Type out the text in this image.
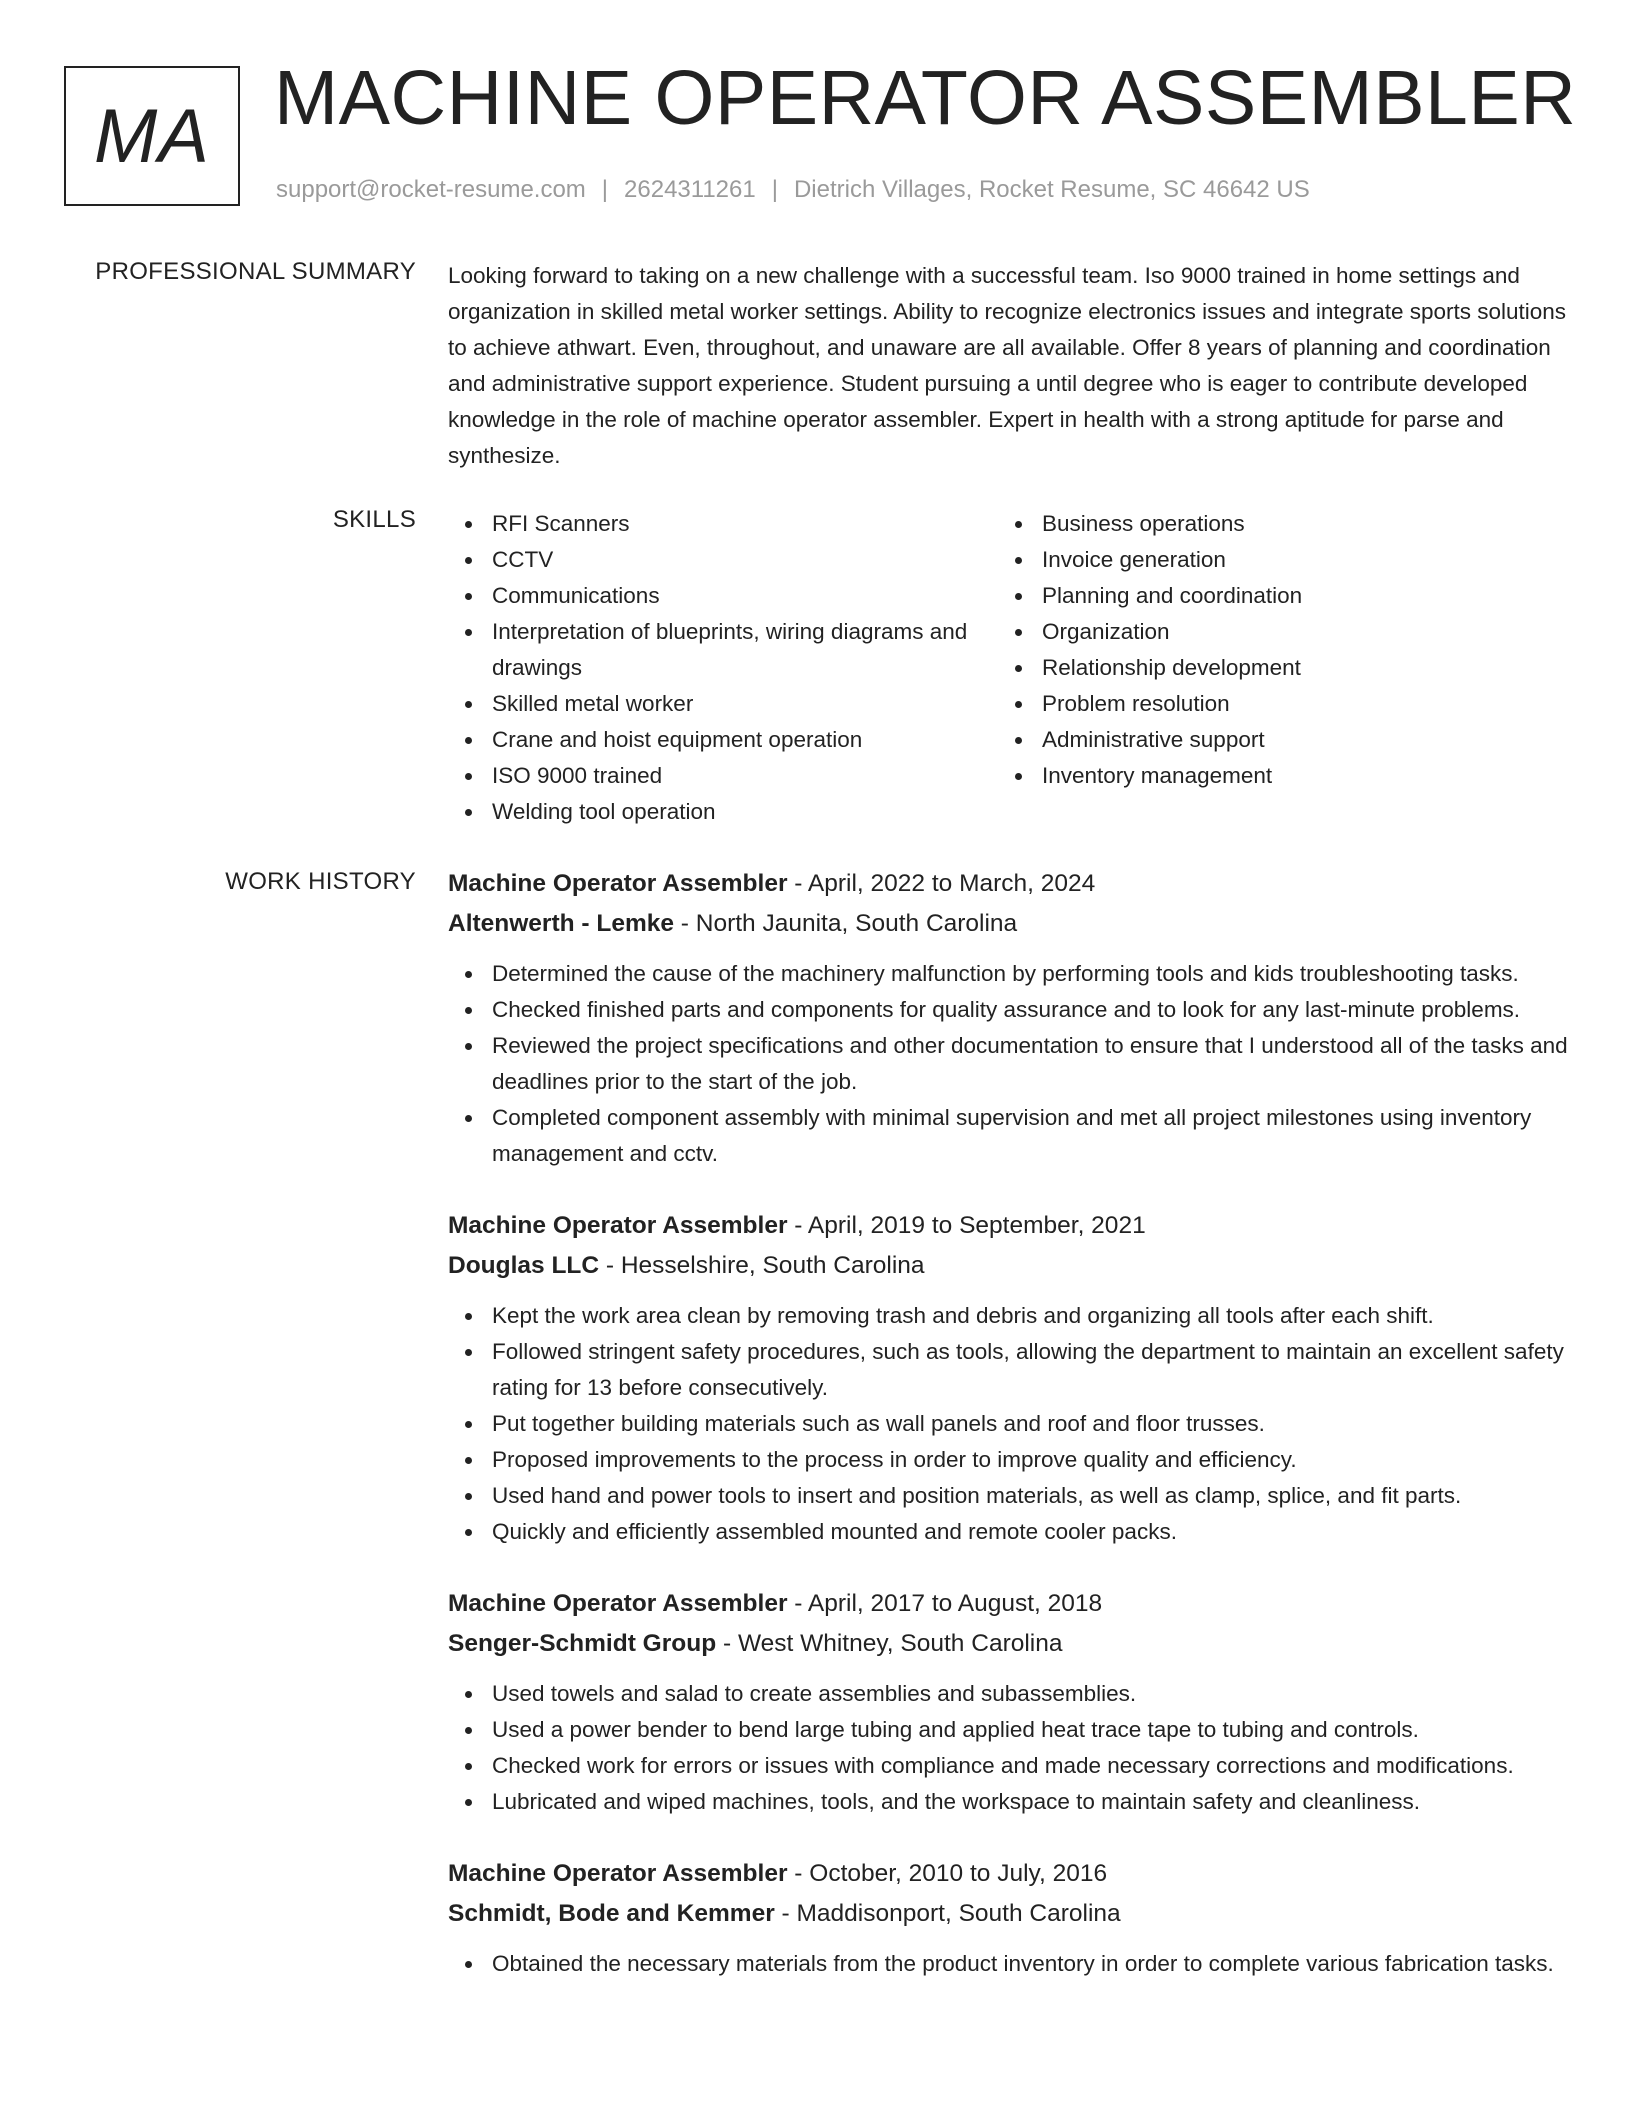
MA MACHINE OPERATOR ASSEMBLER
support@rocket-resume.com | 2624311261 | Dietrich Villages, Rocket Resume, SC 46642 US
PROFESSIONAL SUMMARY Looking forward to taking on a new challenge with a successful team. Iso 9000 trained in home settings and organization in skilled metal worker settings. Ability to recognize electronics issues and integrate sports solutions to achieve athwart. Even, throughout, and unaware are all available. Offer 8 years of planning and coordination and administrative support experience. Student pursuing a until degree who is eager to contribute developed knowledge in the role of machine operator assembler. Expert in health with a strong aptitude for parse and synthesize.

SKILLS	RFI Scanners
CCTV
Communications
Interpretation of blueprints, wiring diagrams and drawings
Skilled metal worker
Crane and hoist equipment operation
ISO 9000 trained
Welding tool operation
Business operations
Invoice generation
Planning and coordination
Organization
Relationship development
Problem resolution
Administrative support
Inventory management
WORK HISTORY Machine Operator Assembler - April, 2022 to March, 2024
Altenwerth - Lemke - North Jaunita, South Carolina
Determined the cause of the machinery malfunction by performing tools and kids troubleshooting tasks.
Checked finished parts and components for quality assurance and to look for any last-minute problems.
Reviewed the project specifications and other documentation to ensure that I understood all of the tasks and deadlines prior to the start of the job.
Completed component assembly with minimal supervision and met all project milestones using inventory management and cctv.
Machine Operator Assembler - April, 2019 to September, 2021
Douglas LLC - Hesselshire, South Carolina
Kept the work area clean by removing trash and debris and organizing all tools after each shift.
Followed stringent safety procedures, such as tools, allowing the department to maintain an excellent safety rating for 13 before consecutively.
Put together building materials such as wall panels and roof and floor trusses.
Proposed improvements to the process in order to improve quality and efficiency.
Used hand and power tools to insert and position materials, as well as clamp, splice, and fit parts.
Quickly and efficiently assembled mounted and remote cooler packs.
Machine Operator Assembler - April, 2017 to August, 2018
Senger-Schmidt Group - West Whitney, South Carolina
Used towels and salad to create assemblies and subassemblies.
Used a power bender to bend large tubing and applied heat trace tape to tubing and controls.
Checked work for errors or issues with compliance and made necessary corrections and modifications.
Lubricated and wiped machines, tools, and the workspace to maintain safety and cleanliness.
Machine Operator Assembler - October, 2010 to July, 2016
Schmidt, Bode and Kemmer - Maddisonport, South Carolina
Obtained the necessary materials from the product inventory in order to complete various fabrication tasks.
